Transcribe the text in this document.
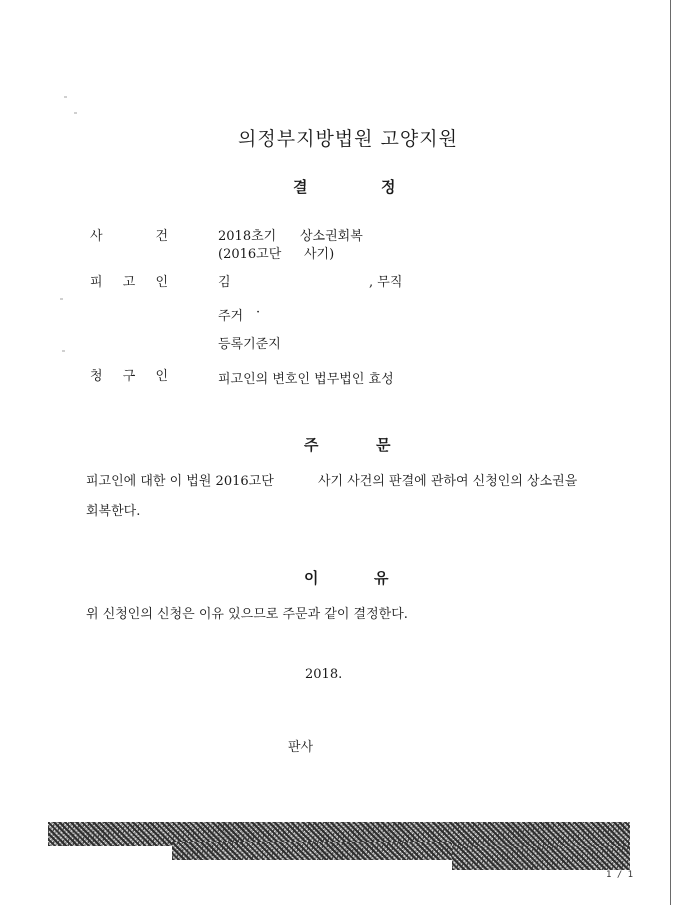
의정부지방법원 고양지원
결	정
사	건	2018초기 상소권회복
(2016고단 사기)
피 고 인	김	, 무직
주거 ·
등록기준지
청 구 인	피고인의 변호인 법무법인 효성
주	문
피고인에 대한 이 법원 2016고단	사기 사건의 판결에 관하여 신청인의 상소권을
회복한다.
이	유
위 신청인의 신청은 이유 있으므로 주문과 같이 결정한다.
2018.
판사
1 / 1
